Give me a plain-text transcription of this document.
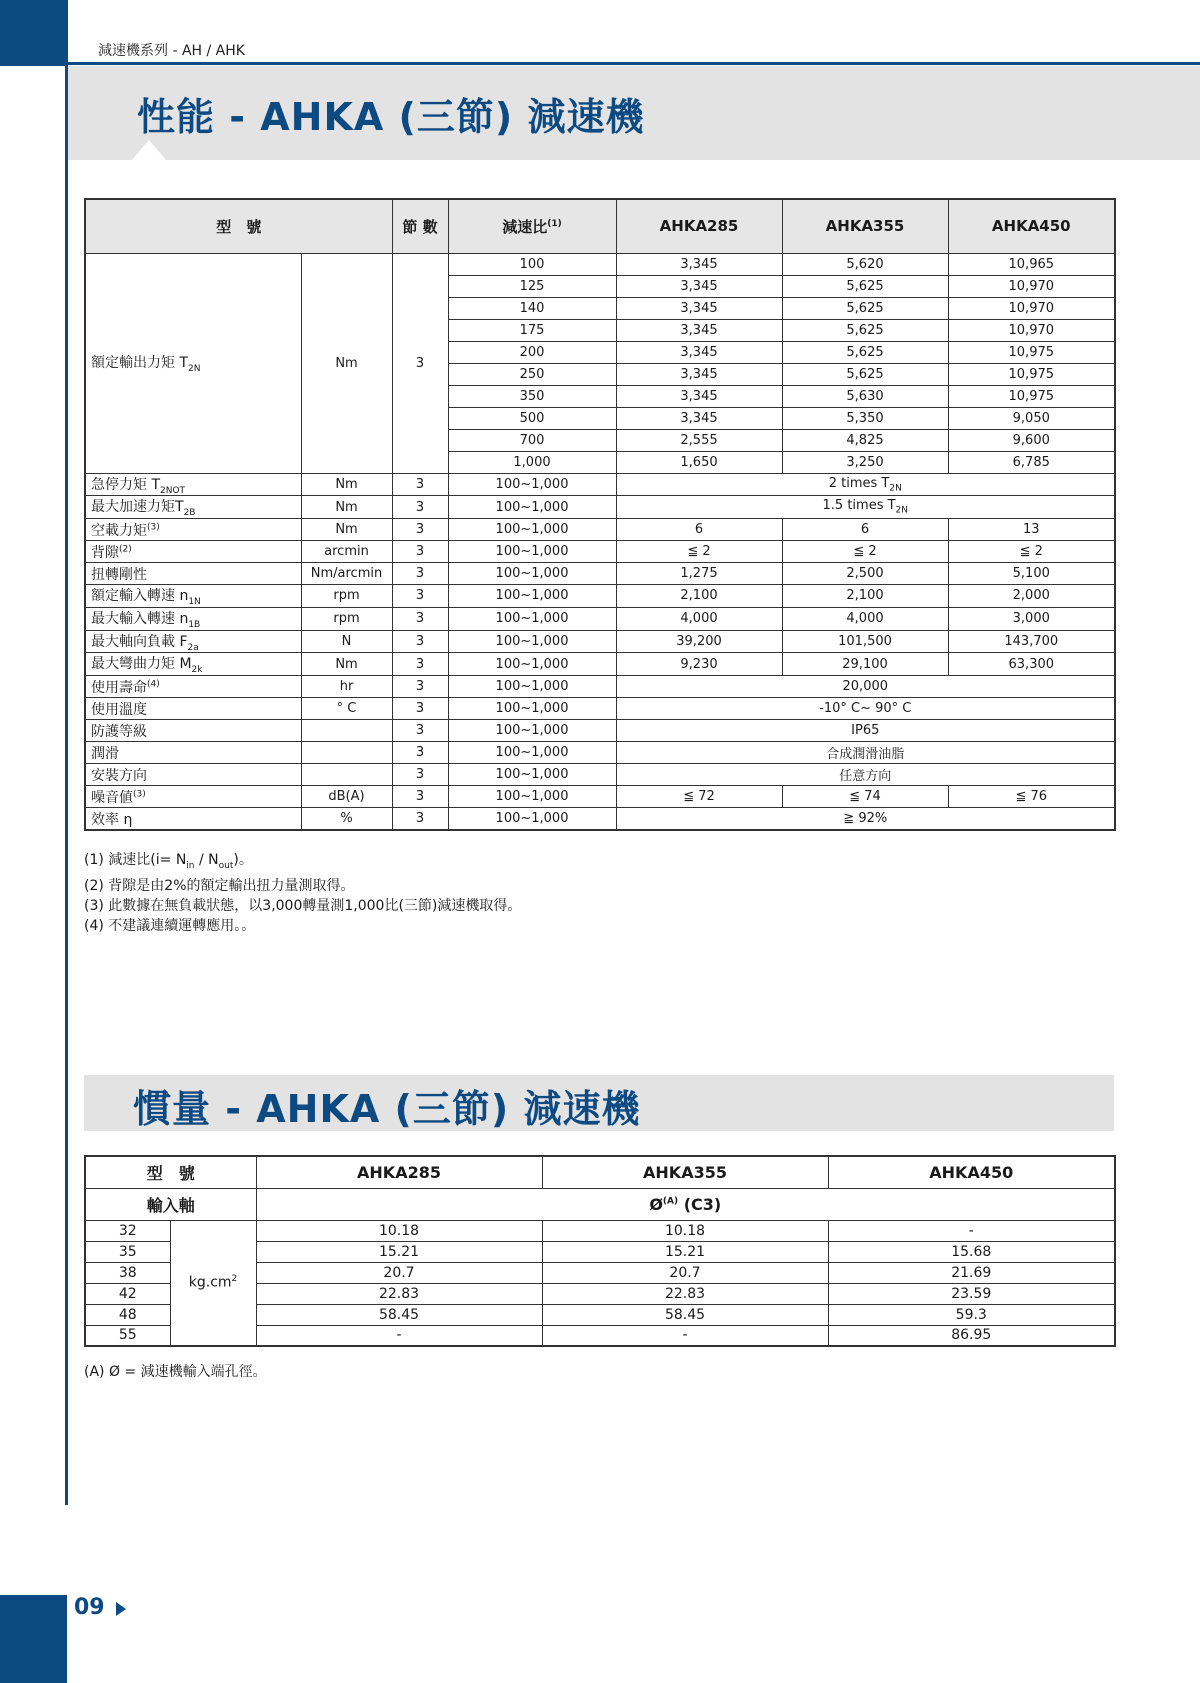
減速機系列 - AH / AHK
性能 - AHKA (三節) 減速機
型　號		節 數	減速比$^{(1)}$	AHKA285	AHKA355	AHKA450
額定輸出力矩 $T_{2N}$	Nm	3	100	3,345	5,620	10,965
			125	3,345	5,625	10,970
			140	3,345	5,625	10,970
			175	3,345	5,625	10,970
			200	3,345	5,625	10,975
			250	3,345	5,625	10,975
			350	3,345	5,630	10,975
			500	3,345	5,350	9,050
			700	2,555	4,825	9,600
			1,000	1,650	3,250	6,785
急停力矩 $T_{2NOT}$	Nm	3	100~1,000	2 times $T_{2N}$
最大加速力矩$T_{2B}$	Nm	3	100~1,000	1.5 times $T_{2N}$
空載力矩$^{(3)}$	Nm	3	100~1,000	6	6	13
背隙$^{(2)}$	arcmin	3	100~1,000	≦ 2	≦ 2	≦ 2
扭轉剛性	Nm/arcmin	3	100~1,000	1,275	2,500	5,100
額定輸入轉速 $n_{1N}$	rpm	3	100~1,000	2,100	2,100	2,000
最大輸入轉速 $n_{1B}$	rpm	3	100~1,000	4,000	4,000	3,000
最大軸向負載 $F_{2a}$	N	3	100~1,000	39,200	101,500	143,700
最大彎曲力矩 $M_{2k}$	Nm	3	100~1,000	9,230	29,100	63,300
使用壽命$^{(4)}$	hr	3	100~1,000	20,000		
使用溫度	° C	3	100~1,000	-10° C~ 90° C		
防護等級		3	100~1,000	IP65		
潤滑		3	100~1,000	合成潤滑油脂		
安裝方向		3	100~1,000	任意方向		
噪音値$^{(3)}$	dB(A)	3	100~1,000	≦ 72	≦ 74	≦ 76
效率 η	%	3	100~1,000	≧ 92%		
(1) 減速比$(i= N_{in} / N_{out})$。
(2) 背隙是由2%的額定輸出扭力量測取得。
(3) 此數據在無負載狀態，以3,000轉量測1,000比(三節)減速機取得。
(4) 不建議連續運轉應用。。
慣量 - AHKA (三節) 減速機
型　號		AHKA285	AHKA355	AHKA450
輸入軸		$Ø^{(A)}$ (C3)		
32	$kg.cm^2$	10.18	10.18	-
35		15.21	15.21	15.68
38		20.7	20.7	21.69
42		22.83	22.83	23.59
48		58.45	58.45	59.3
55		-	-	86.95
(A) Ø = 減速機輸入端孔徑。
09
